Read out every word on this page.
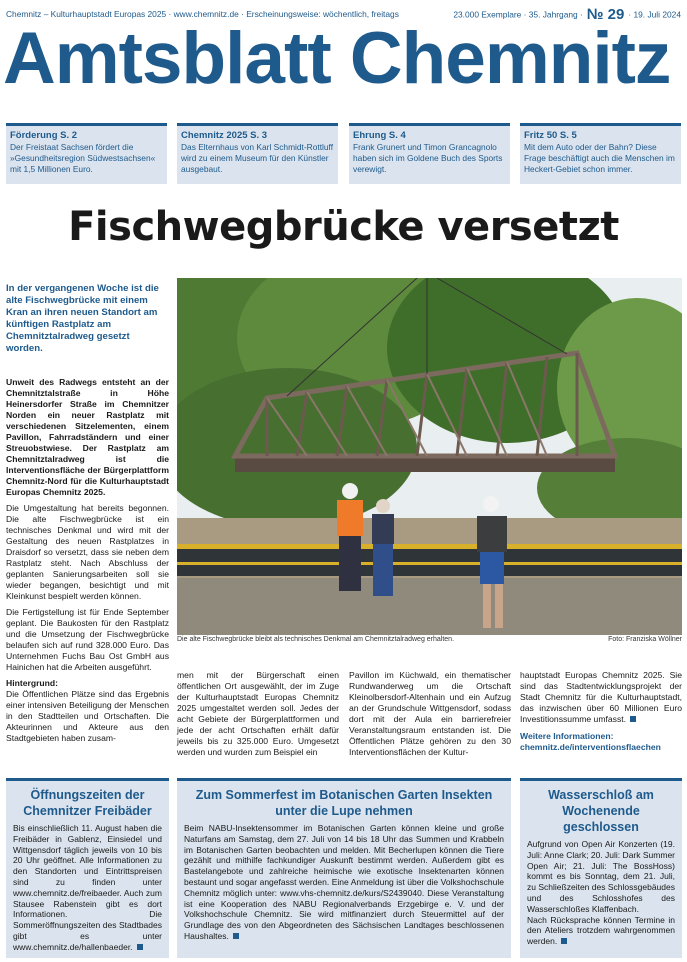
Chemnitz – Kulturhauptstadt Europas 2025 · www.chemnitz.de · Erscheinungsweise: wöchentlich, freitags	23.000 Exemplare · 35. Jahrgang · № 29 · 19. Juli 2024
Amtsblatt Chemnitz
Förderung S. 2
Der Freistaat Sachsen fördert die »Gesundheitsregion Südwestsachsen« mit 1,5 Millionen Euro.
Chemnitz 2025 S. 3
Das Elternhaus von Karl Schmidt-Rottluff wird zu einem Museum für den Künstler ausgebaut.
Ehrung S. 4
Frank Grunert und Timon Grancagnolo haben sich im Goldene Buch des Sports verewigt.
Fritz 50 S. 5
Mit dem Auto oder der Bahn? Diese Frage beschäftigt auch die Menschen im Heckert-Gebiet schon immer.
Fischwegbrücke versetzt
In der vergangenen Woche ist die alte Fischwegbrücke mit einem Kran an ihren neuen Standort am künftigen Rastplatz am Chemnitztalradweg gesetzt worden.

Unweit des Radwegs entsteht an der Chemnitztalstraße in Höhe Heinersdorfer Straße im Chemnitzer Norden ein neuer Rastplatz mit verschiedenen Sitzelementen, einem Pavillon, Fahrradständern und einer Streuobstwiese. Der Rastplatz am Chemnitztalradweg ist die Interventionsfläche der Bürgerplattform Chemnitz-Nord für die Kulturhauptstadt Europas Chemnitz 2025.

Die Umgestaltung hat bereits begonnen. Die alte Fischwegbrücke ist ein technisches Denkmal und wird mit der Gestaltung des neuen Rastplatzes in Draisdorf so versetzt, dass sie neben dem Rastplatz steht. Nach Abschluss der geplanten Sanierungsarbeiten soll sie wieder begangen, besichtigt und mit Kleinkunst bespielt werden können.

Die Fertigstellung ist für Ende September geplant. Die Baukosten für den Rastplatz und die Umsetzung der Fischwegbrücke belaufen sich auf rund 328.000 Euro. Das Unternehmen Fuchs Bau Ost GmbH aus Hainichen hat die Arbeiten ausgeführt.

Hintergrund:

Die Öffentlichen Plätze sind das Ergebnis einer intensiven Beteiligung der Menschen in den Stadtteilen und Ortschaften. Die Akteurinnen und Akteure aus den Stadtgebieten haben zusam-

Die alte Fischwegbrücke bleibt als technisches Denkmal am Chemnitztalradweg erhalten.	Foto: Franziska Wöllner
men mit der Bürgerschaft einen öffentlichen Ort ausgewählt, der im Zuge der Kulturhauptstadt Europas Chemnitz 2025 umgestaltet werden soll. Jedes der acht Gebiete der Bürgerplattformen und jede der acht Ortschaften erhält dafür jeweils bis zu 325.000 Euro. Umgesetzt werden und wurden zum Beispiel ein
Pavillon im Küchwald, ein thematischer Rundwanderweg um die Ortschaft Kleinolbersdorf-Altenhain und ein Aufzug an der Grundschule Wittgensdorf, sodass dort mit der Aula ein barrierefreier Veranstaltungsraum entstanden ist. Die Öffentlichen Plätze gehören zu den 30 Interventionsflächen der Kultur-

hauptstadt Europas Chemnitz 2025. Sie sind das Stadtentwicklungsprojekt der Stadt Chemnitz für die Kulturhauptstadt, das inzwischen über 60 Millionen Euro Investitionssumme umfasst.

Weitere Informationen:
chemnitz.de/interventionsflaechen
Öffnungszeiten der Chemnitzer Freibäder
Bis einschließlich 11. August haben die Freibäder in Gablenz, Einsiedel und Wittgensdorf täglich jeweils von 10 bis 20 Uhr geöffnet. Alle Informationen zu den Standorten und Eintrittspreisen sind zu finden unter www.chemnitz.de/freibaeder. Auch zum Stausee Rabenstein gibt es dort Informationen. Die Sommeröffnungszeiten des Stadtbades gibt es unter www.chemnitz.de/hallenbaeder.
Zum Sommerfest im Botanischen Garten Insekten unter die Lupe nehmen
Beim NABU-Insektensommer im Botanischen Garten können kleine und große Naturfans am Samstag, dem 27. Juli von 14 bis 18 Uhr das Summen und Krabbeln im Botanischen Garten beobachten und melden. Mit Becherlupen können die Tiere gezählt und mithilfe fachkundiger Auskunft bestimmt werden. Außerdem gibt es Bastelangebote und zahlreiche heimische wie exotische Insektenarten können bestaunt und sogar angefasst werden. Eine Anmeldung ist über die Volkshochschule Chemnitz möglich unter: www.vhs-chemnitz.de/kurs/S2439040. Diese Veranstaltung ist eine Kooperation des NABU Regionalverbands Erzgebirge e. V. und der Volkshochschule Chemnitz. Sie wird mitfinanziert durch Steuermittel auf der Grundlage des von den Abgeordneten des Sächsischen Landtages beschlossenen Haushaltes.
Wasserschloß am Wochenende geschlossen
Aufgrund von Open Air Konzerten (19. Juli: Anne Clark; 20. Juli: Dark Summer Open Air; 21. Juli: The BossHoss) kommt es bis Sonntag, dem 21. Juli, zu Schließzeiten des Schlossgebäudes und des Schlosshofes des Wasserschloßes Klaffenbach.
Nach Rücksprache können Termine in den Ateliers trotzdem wahrgenommen werden.
